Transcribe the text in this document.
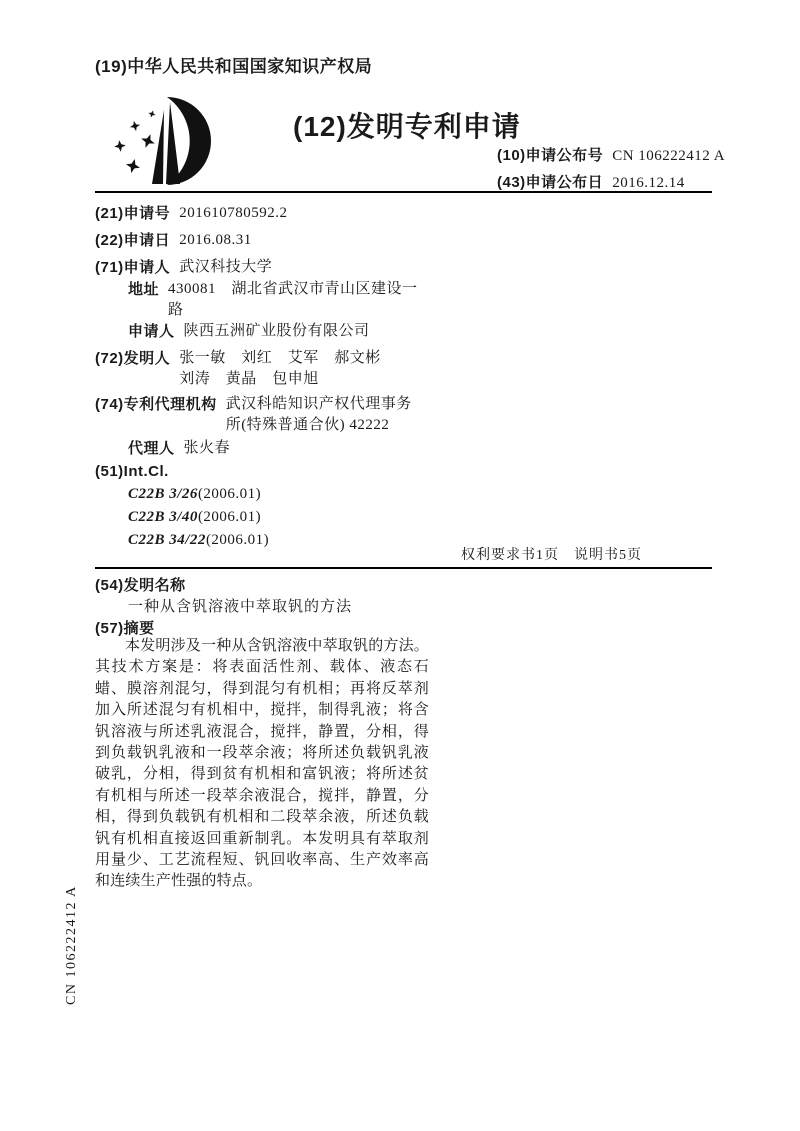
(19)中华人民共和国国家知识产权局
(12)发明专利申请
(10)申请公布号 CN 106222412 A
(43)申请公布日 2016.12.14
(21)申请号 201610780592.2
(22)申请日 2016.08.31
(71)申请人 武汉科技大学
地址 430081　湖北省武汉市青山区建设一
路
申请人 陕西五洲矿业股份有限公司
(72)发明人 张一敏　刘红　艾军　郝文彬
刘涛　黄晶　包申旭
(74)专利代理机构 武汉科皓知识产权代理事务
所(特殊普通合伙) 42222
代理人 张火春
(51)Int.Cl.
C22B 3/26(2006.01)
C22B 3/40(2006.01)
C22B 34/22(2006.01)
权利要求书1页　说明书5页
(54)发明名称
一种从含钒溶液中萃取钒的方法
(57)摘要
本发明涉及一种从含钒溶液中萃取钒的方法。其技术方案是：将表面活性剂、载体、液态石蜡、膜溶剂混匀，得到混匀有机相；再将反萃剂加入所述混匀有机相中，搅拌，制得乳液；将含钒溶液与所述乳液混合，搅拌，静置，分相，得到负载钒乳液和一段萃余液；将所述负载钒乳液破乳，分相，得到贫有机相和富钒液；将所述贫有机相与所述一段萃余液混合，搅拌，静置，分相，得到负载钒有机相和二段萃余液，所述负载钒有机相直接返回重新制乳。本发明具有萃取剂用量少、工艺流程短、钒回收率高、生产效率高和连续生产性强的特点。
CN 106222412 A
